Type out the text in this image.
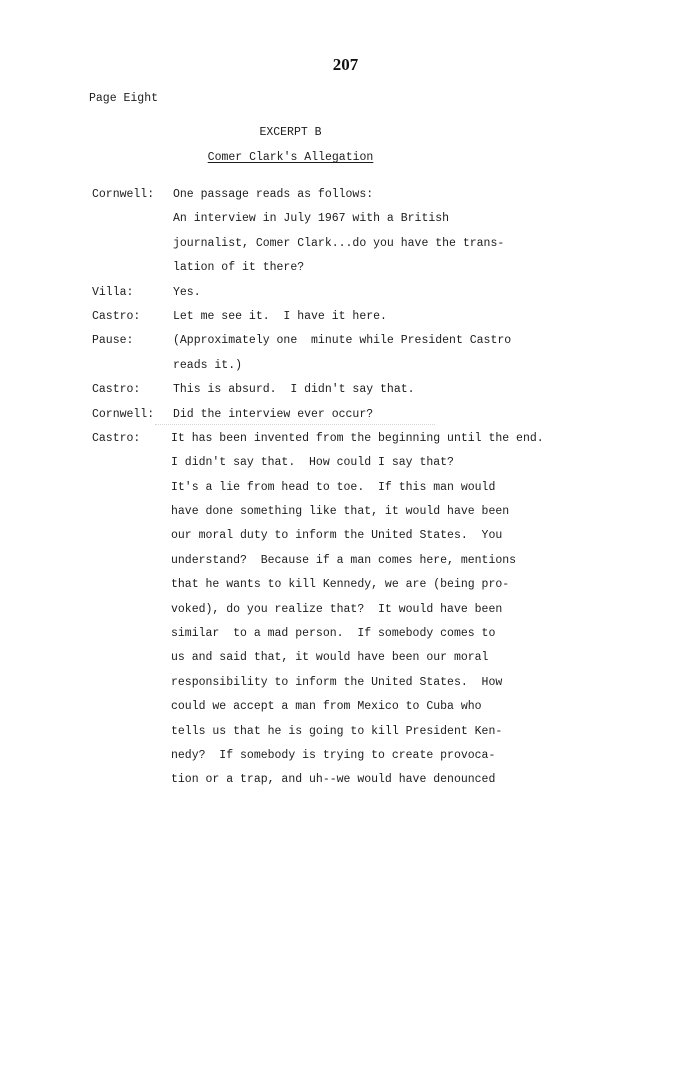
207
Page Eight
EXCERPT B
Comer Clark's Allegation
Cornwell:	One passage reads as follows:
An interview in July 1967 with a British
journalist, Comer Clark...do you have the trans-
lation of it there?
Villa:	Yes.
Castro:	Let me see it.  I have it here.
Pause:	(Approximately one  minute while President Castro
reads it.)
Castro:	This is absurd.  I didn't say that.
Cornwell:	Did the interview ever occur?
Castro:	It has been invented from the beginning until the end.
I didn't say that.  How could I say that?
It's a lie from head to toe.  If this man would
have done something like that, it would have been
our moral duty to inform the United States.  You
understand?  Because if a man comes here, mentions
that he wants to kill Kennedy, we are (being pro-
voked), do you realize that?  It would have been
similar  to a mad person.  If somebody comes to
us and said that, it would have been our moral
responsibility to inform the United States.  How
could we accept a man from Mexico to Cuba who
tells us that he is going to kill President Ken-
nedy?  If somebody is trying to create provoca-
tion or a trap, and uh--we would have denounced
